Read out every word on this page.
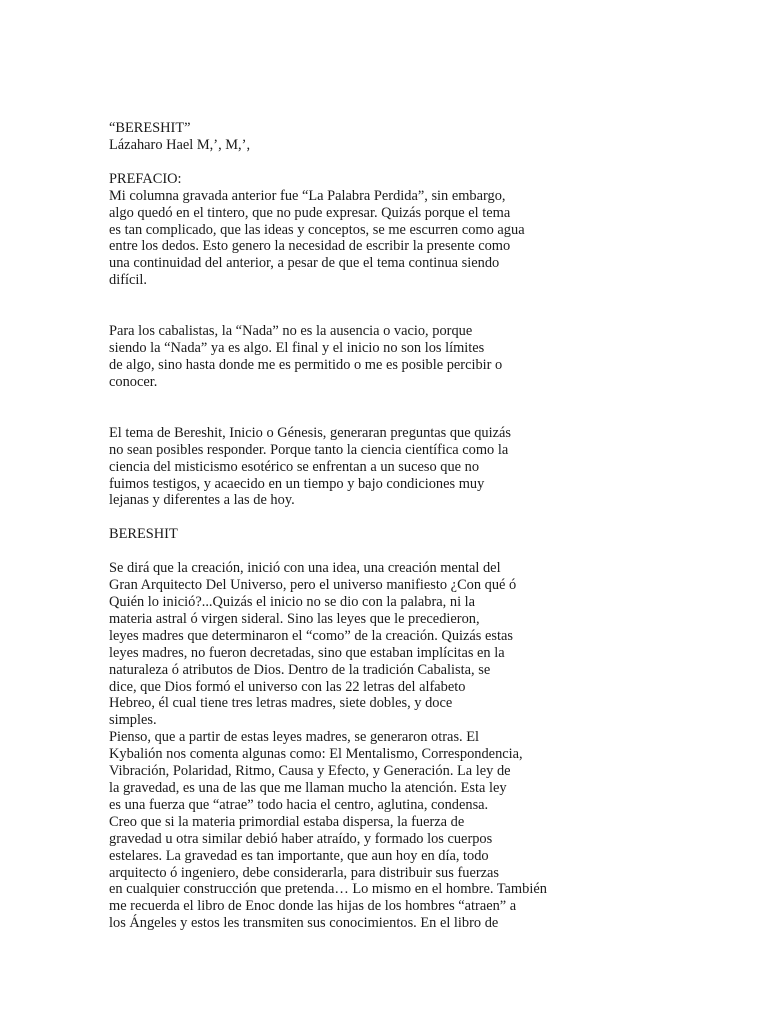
“BERESHIT”
Lázaharo Hael M,’, M,’,
PREFACIO:
Mi columna gravada anterior fue “La Palabra Perdida”, sin embargo,
algo quedó en el tintero, que no pude expresar. Quizás porque el tema
es tan complicado, que las ideas y conceptos, se me escurren como agua
entre los dedos. Esto genero la necesidad de escribir la presente como
una continuidad del anterior, a pesar de que el tema continua siendo
difícil.
Para los cabalistas, la “Nada” no es la ausencia o vacio, porque
siendo la “Nada” ya es algo. El final y el inicio no son los límites
de algo, sino hasta donde me es permitido o me es posible percibir o
conocer.
El tema de Bereshit, Inicio o Génesis, generaran preguntas que quizás
no sean posibles responder. Porque tanto la ciencia científica como la
ciencia del misticismo esotérico se enfrentan a un suceso que no
fuimos testigos, y acaecido en un tiempo y bajo condiciones muy
lejanas y diferentes a las de hoy.
BERESHIT
Se dirá que la creación, inició con una idea, una creación mental del
Gran Arquitecto Del Universo, pero el universo manifiesto ¿Con qué ó
Quién lo inició?...Quizás el inicio no se dio con la palabra, ni la
materia astral ó virgen sideral. Sino las leyes que le precedieron,
leyes madres que determinaron el “como” de la creación. Quizás estas
leyes madres, no fueron decretadas, sino que estaban implícitas en la
naturaleza ó atributos de Dios. Dentro de la tradición Cabalista, se
dice, que Dios formó el universo con las 22 letras del alfabeto
Hebreo, él cual tiene tres letras madres, siete dobles, y doce
simples.
Pienso, que a partir de estas leyes madres, se generaron otras. El
Kybalión nos comenta algunas como: El Mentalismo, Correspondencia,
Vibración, Polaridad, Ritmo, Causa y Efecto, y Generación. La ley de
la gravedad, es una de las que me llaman mucho la atención. Esta ley
es una fuerza que “atrae” todo hacia el centro, aglutina, condensa.
Creo que si la materia primordial estaba dispersa, la fuerza de
gravedad u otra similar debió haber atraído, y formado los cuerpos
estelares. La gravedad es tan importante, que aun hoy en día, todo
arquitecto ó ingeniero, debe considerarla, para distribuir sus fuerzas
en cualquier construcción que pretenda… Lo mismo en el hombre. También
me recuerda el libro de Enoc donde las hijas de los hombres “atraen” a
los Ángeles y estos les transmiten sus conocimientos. En el libro de
